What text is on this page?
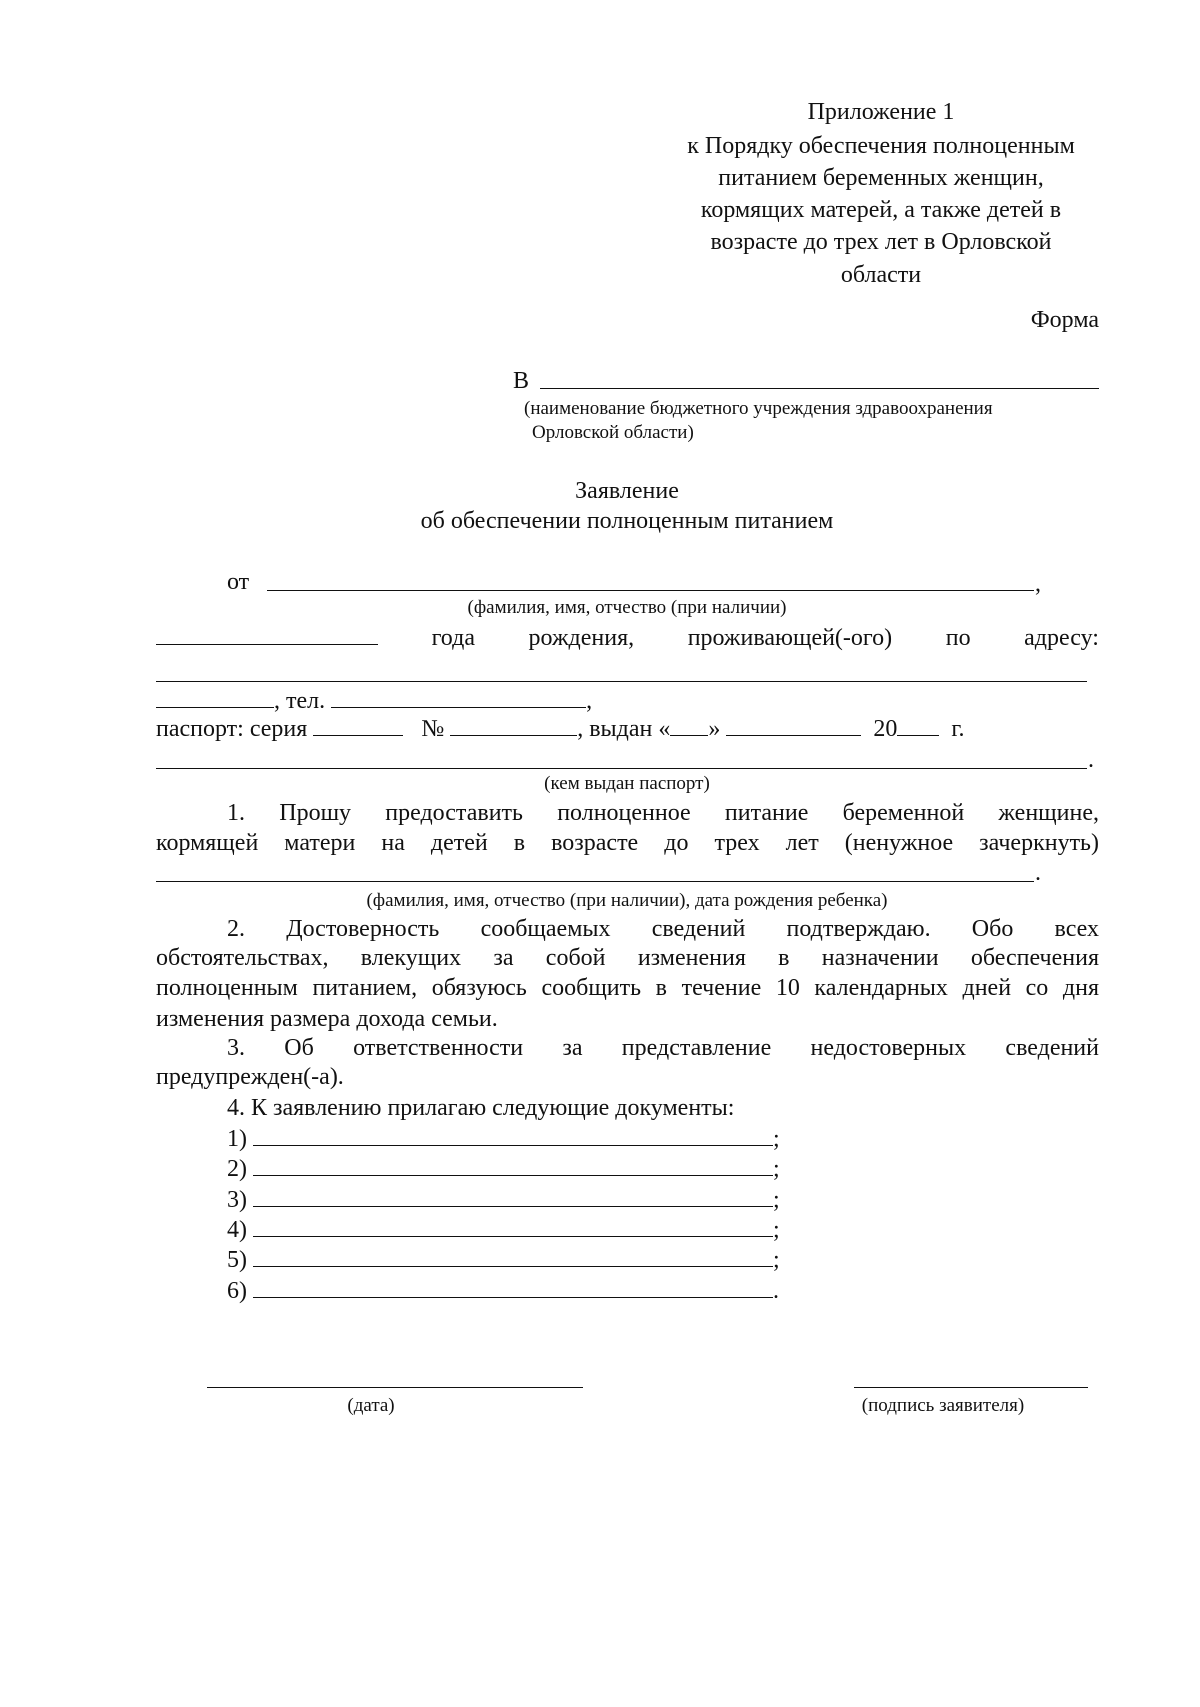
Приложение 1
к Порядку обеспечения полноценным
питанием беременных женщин,
кормящих матерей, а также детей в
возрасте до трех лет в Орловской
области
Форма
В
(наименование бюджетного учреждения здравоохранения
Орловской области)
Заявление
об обеспечении полноценным питанием
от	,
(фамилия, имя, отчество (при наличии)
года рождения, проживающей(-ого) по адресу:
, тел.	,
паспорт: серия	№	, выдан « »	20 г.
.
(кем выдан паспорт)
1. Прошу предоставить полноценное питание беременной женщине,
кормящей матери на детей в возрасте до трех лет (ненужное зачеркнуть)
.
(фамилия, имя, отчество (при наличии), дата рождения ребенка)
2. Достоверность сообщаемых сведений подтверждаю. Обо всех
обстоятельствах, влекущих за собой изменения в назначении обеспечения
полноценным питанием, обязуюсь сообщить в течение 10 календарных дней со дня
изменения размера дохода семьи.
3. Об ответственности за представление недостоверных сведений
предупрежден(-а).
4. К заявлению прилагаю следующие документы:
1)	;
2)	;
3)	;
4)	;
5)	;
6)	.
(дата)	(подпись заявителя)
